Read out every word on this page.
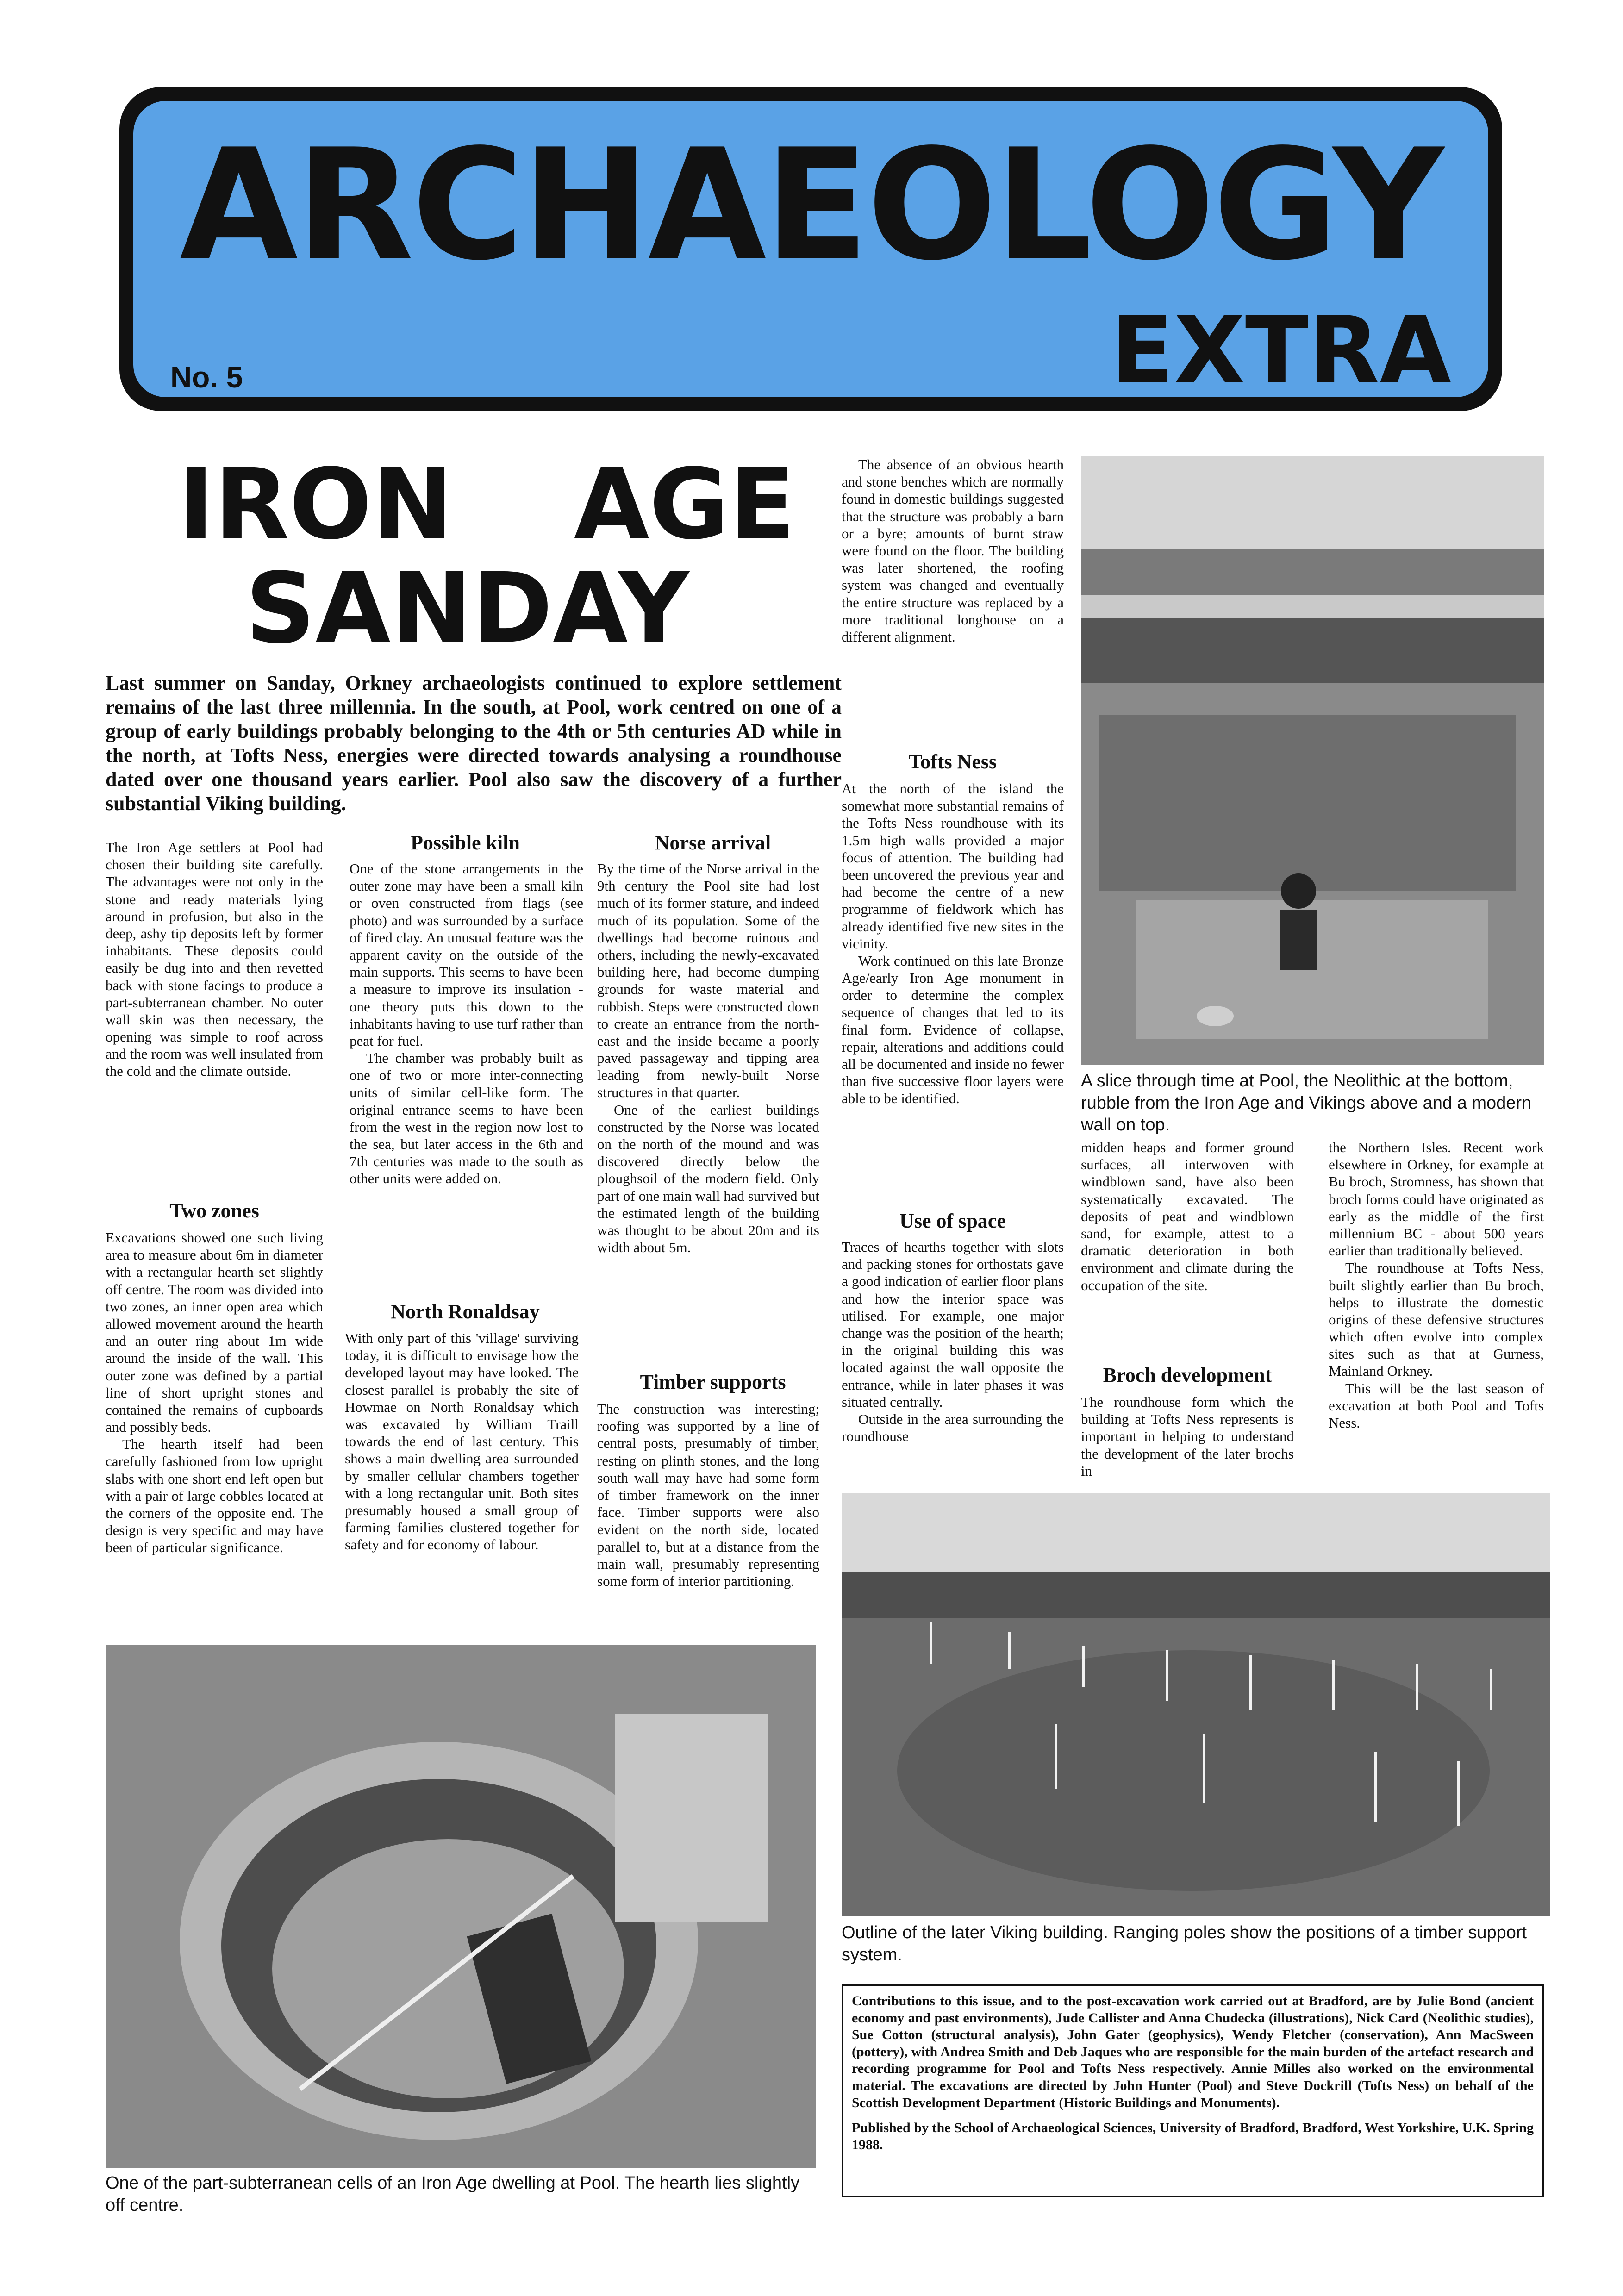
ARCHAEOLOGY
No. 5	EXTRA
IRON AGE
SANDAY
Last summer on Sanday, Orkney archaeologists continued to explore settlement remains of the last three millennia. In the south, at Pool, work centred on one of a group of early buildings probably belonging to the 4th or 5th centuries AD while in the north, at Tofts Ness, energies were directed towards analysing a roundhouse dated over one thousand years earlier. Pool also saw the discovery of a further substantial Viking building.

The Iron Age settlers at Pool had chosen their building site carefully. The advantages were not only in the stone and ready materials lying around in profusion, but also in the deep, ashy tip deposits left by former inhabitants. These deposits could easily be dug into and then revetted back with stone facings to produce a part-subterranean chamber. No outer wall skin was then necessary, the opening was simple to roof across and the room was well insulated from the cold and the climate outside.

Two zones

Excavations showed one such living area to measure about 6m in diameter with a rectangular hearth set slightly off centre. The room was divided into two zones, an inner open area which allowed movement around the hearth and an outer ring about 1m wide around the inside of the wall. This outer zone was defined by a partial line of short upright stones and contained the remains of cupboards and possibly beds.

The hearth itself had been carefully fashioned from low upright slabs with one short end left open but with a pair of large cobbles located at the corners of the opposite end. The design is very specific and may have been of particular significance.

Possible kiln

One of the stone arrangements in the outer zone may have been a small kiln or oven constructed from flags (see photo) and was surrounded by a surface of fired clay. An unusual feature was the apparent cavity on the outside of the main supports. This seems to have been a measure to improve its insulation - one theory puts this down to the inhabitants having to use turf rather than peat for fuel.

The chamber was probably built as one of two or more inter-connecting units of similar cell-like form. The original entrance seems to have been from the west in the region now lost to the sea, but later access in the 6th and 7th centuries was made to the south as other units were added on.

North Ronaldsay

With only part of this 'village' surviving today, it is difficult to envisage how the developed layout may have looked. The closest parallel is probably the site of Howmae on North Ronaldsay which was excavated by William Traill towards the end of last century. This shows a main dwelling area surrounded by smaller cellular chambers together with a long rectangular unit. Both sites presumably housed a small group of farming families clustered together for safety and for economy of labour.

Norse arrival

By the time of the Norse arrival in the 9th century the Pool site had lost much of its former stature, and indeed much of its population. Some of the dwellings had become ruinous and others, including the newly-excavated building here, had become dumping grounds for waste material and rubbish. Steps were constructed down to create an entrance from the north-east and the inside became a poorly paved passageway and tipping area leading from newly-built Norse structures in that quarter.

One of the earliest buildings constructed by the Norse was located on the north of the mound and was discovered directly below the ploughsoil of the modern field. Only part of one main wall had survived but the estimated length of the building was thought to be about 20m and its width about 5m.

Timber supports

The construction was interesting; roofing was supported by a line of central posts, presumably of timber, resting on plinth stones, and the long south wall may have had some form of timber framework on the inner face. Timber supports were also evident on the north side, located parallel to, but at a distance from the main wall, presumably representing some form of interior partitioning.

The absence of an obvious hearth and stone benches which are normally found in domestic buildings suggested that the structure was probably a barn or a byre; amounts of burnt straw were found on the floor. The building was later shortened, the roofing system was changed and eventually the entire structure was replaced by a more traditional longhouse on a different alignment.

Tofts Ness

At the north of the island the somewhat more substantial remains of the Tofts Ness roundhouse with its 1.5m high walls provided a major focus of attention. The building had been uncovered the previous year and had become the centre of a new programme of fieldwork which has already identified five new sites in the vicinity.

Work continued on this late Bronze Age/early Iron Age monument in order to determine the complex sequence of changes that led to its final form. Evidence of collapse, repair, alterations and additions could all be documented and inside no fewer than five successive floor layers were able to be identified.

Use of space

Traces of hearths together with slots and packing stones for orthostats gave a good indication of earlier floor plans and how the interior space was utilised. For example, one major change was the position of the hearth; in the original building this was located against the wall opposite the entrance, while in later phases it was situated centrally.

Outside in the area surrounding the roundhouse

A slice through time at Pool, the Neolithic at the bottom, rubble from the Iron Age and Vikings above and a modern wall on top.

midden heaps and former ground surfaces, all interwoven with windblown sand, have also been systematically excavated. The deposits of peat and windblown sand, for example, attest to a dramatic deterioration in both environment and climate during the occupation of the site.

Broch development

The roundhouse form which the building at Tofts Ness represents is important in helping to understand the development of the later brochs in

the Northern Isles. Recent work elsewhere in Orkney, for example at Bu broch, Stromness, has shown that broch forms could have originated as early as the middle of the first millennium BC - about 500 years earlier than traditionally believed.

The roundhouse at Tofts Ness, built slightly earlier than Bu broch, helps to illustrate the domestic origins of these defensive structures which often evolve into complex sites such as that at Gurness, Mainland Orkney.

This will be the last season of excavation at both Pool and Tofts Ness.

Outline of the later Viking building. Ranging poles show the positions of a timber support system.
One of the part-subterranean cells of an Iron Age dwelling at Pool. The hearth lies slightly off centre.

Contributions to this issue, and to the post-excavation work carried out at Bradford, are by Julie Bond (ancient economy and past environments), Jude Callister and Anna Chudecka (illustrations), Nick Card (Neolithic studies), Sue Cotton (structural analysis), John Gater (geophysics), Wendy Fletcher (conservation), Ann MacSween (pottery), with Andrea Smith and Deb Jaques who are responsible for the main burden of the artefact research and recording programme for Pool and Tofts Ness respectively. Annie Milles also worked on the environmental material. The excavations are directed by John Hunter (Pool) and Steve Dockrill (Tofts Ness) on behalf of the Scottish Development Department (Historic Buildings and Monuments).

Published by the School of Archaeological Sciences, University of Bradford, Bradford, West Yorkshire, U.K. Spring 1988.
